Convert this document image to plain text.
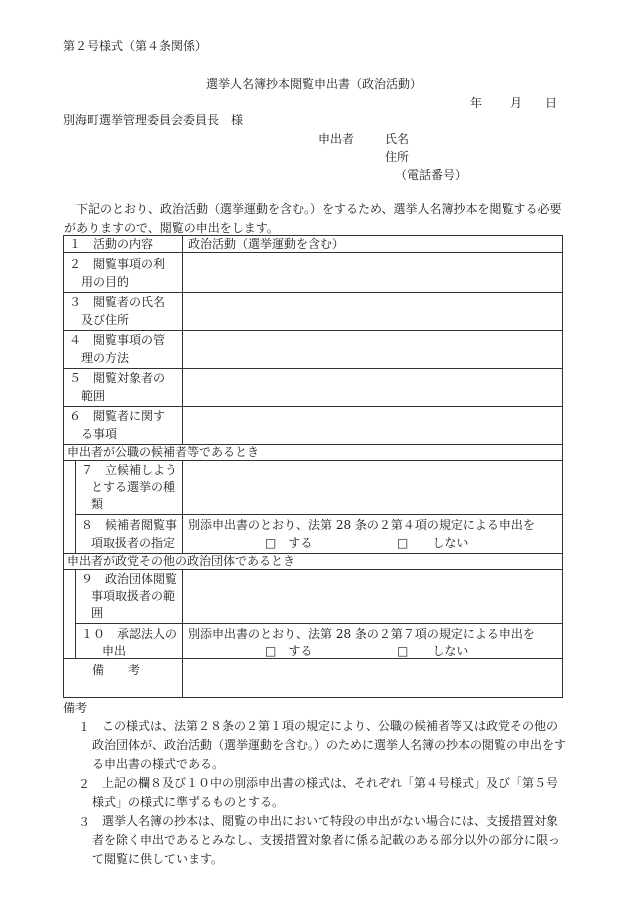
第２号様式（第４条関係）
選挙人名簿抄本閲覧申出書（政治活動）
年 月 日
別海町選挙管理委員会委員長　様
申出者	氏名
住所
（電話番号）
下記のとおり、政治活動（選挙運動を含む。）をするため、選挙人名簿抄本を閲覧する必要がありますので、閲覧の申出をします。
１　活動の内容	政治活動（選挙運動を含む）
２　閲覧事項の利
用の目的
３　閲覧者の氏名
及び住所
４　閲覧事項の管
理の方法
５　閲覧対象者の
範囲
６　閲覧者に関す
る事項
申出者が公職の候補者等であるとき
７　立候補しよう
とする選挙の種
類
８　候補者閲覧事
項取扱者の指定
別添申出書のとおり、法第 28 条の２第４項の規定による申出を
□　する	□　　しない
申出者が政党その他の政治団体であるとき
９　政治団体閲覧
事項取扱者の範
囲
１０　承認法人の
申出
別添申出書のとおり、法第 28 条の２第７項の規定による申出を
□　する	□　　しない
備　　考
備考
１ この様式は、法第２８条の２第１項の規定により、公職の候補者等又は政党その他の
政治団体が、政治活動（選挙運動を含む。）のために選挙人名簿の抄本の閲覧の申出をす
る申出書の様式である。
２ 上記の欄８及び１０中の別添申出書の様式は、それぞれ「第４号様式」及び「第５号
様式」の様式に準ずるものとする。
３ 選挙人名簿の抄本は、閲覧の申出において特段の申出がない場合には、支援措置対象
者を除く申出であるとみなし、支援措置対象者に係る記載のある部分以外の部分に限っ
て閲覧に供しています。
